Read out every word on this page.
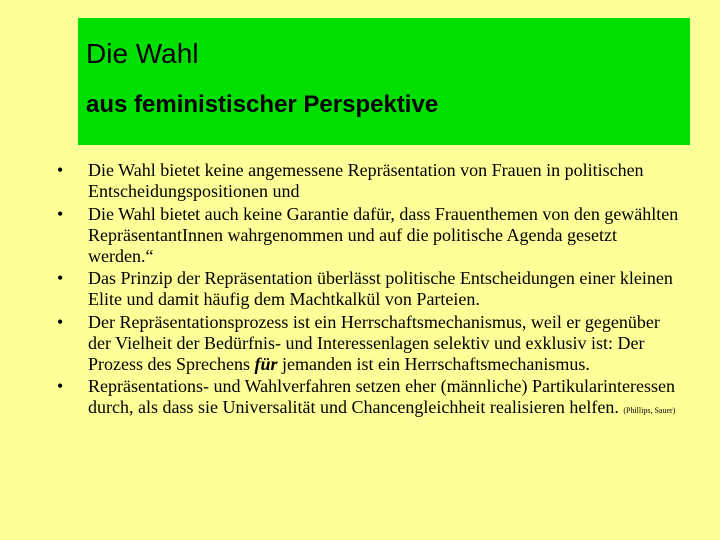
Die Wahl
aus feministischer Perspektive
• Die Wahl bietet keine angemessene Repräsentation von Frauen in politischen Entscheidungspositionen und
• Die Wahl bietet auch keine Garantie dafür, dass Frauenthemen von den gewählten RepräsentantInnen wahrgenommen und auf die politische Agenda gesetzt werden.“
• Das Prinzip der Repräsentation überlässt politische Entscheidungen einer kleinen Elite und damit häufig dem Machtkalkül von Parteien.
• Der Repräsentationsprozess ist ein Herrschaftsmechanismus, weil er gegenüber der Vielheit der Bedürfnis- und Interessenlagen selektiv und exklusiv ist: Der Prozess des Sprechens für jemanden ist ein Herrschaftsmechanismus.
• Repräsentations- und Wahlverfahren setzen eher (männliche) Partikularinteressen durch, als dass sie Universalität und Chancengleichheit realisieren helfen. (Phillips, Sauer)
